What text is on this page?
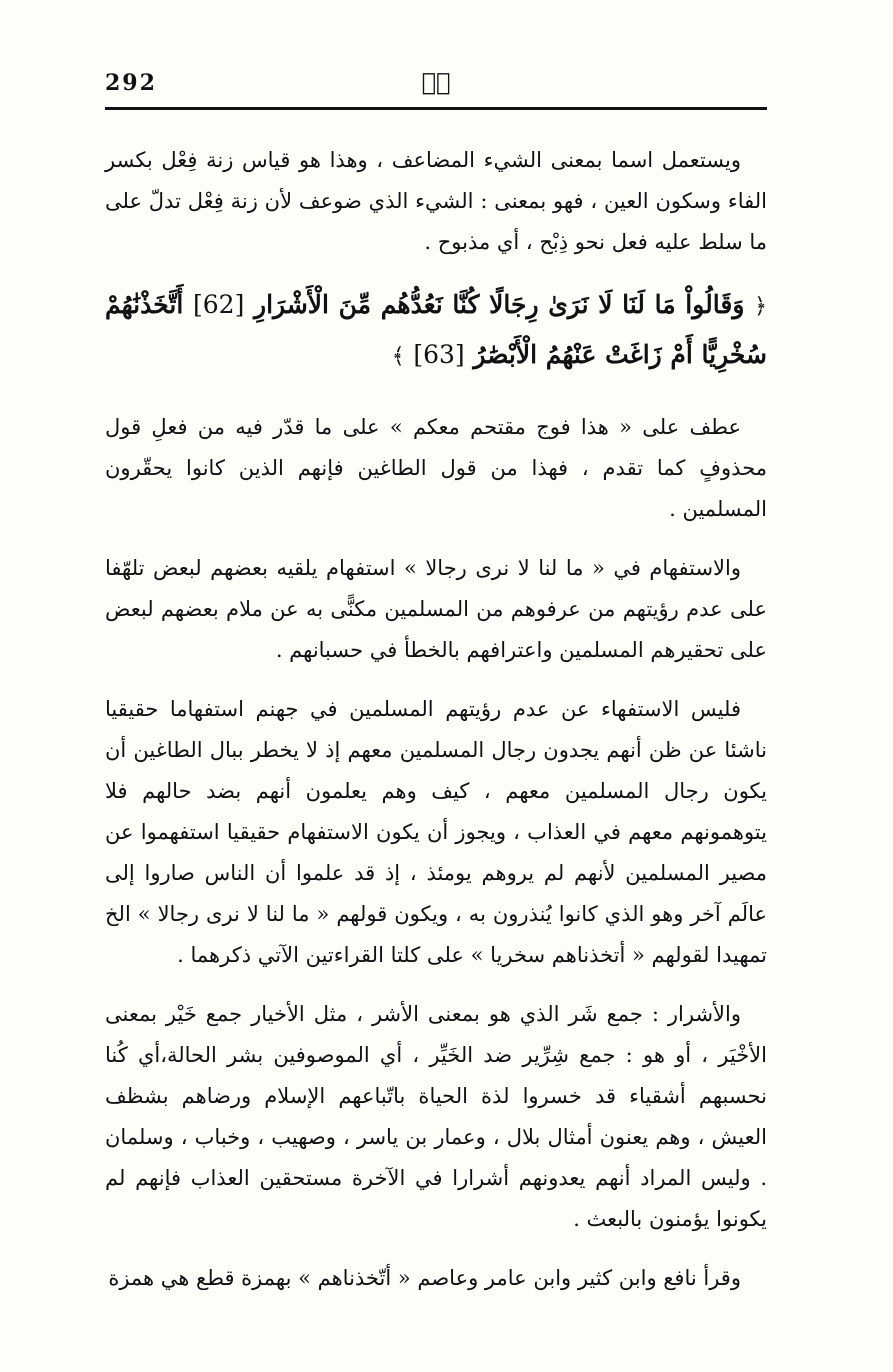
292	صۤ

ويستعمل اسما بمعنى الشيء المضاعف ، وهذا هو قياس زنة فِعْل بكسر الفاء وسكون العين ، فهو بمعنى : الشيء الذي ضوعف لأن زنة فِعْل تدلّ على ما سلط عليه فعل نحو ذِبْح ، أي مذبوح .

﴿ وَقَالُواْ مَا لَنَا لَا نَرَىٰ رِجَالًا كُنَّا نَعُدُّهُم مِّنَ الْأَشْرَارِ [62] أَتَّخَذْنَٰهُمْ سُخْرِيًّا أَمْ زَاغَتْ عَنْهُمُ الْأَبْصَٰرُ [63] ﴾

عطف على « هذا فوج مقتحم معكم » على ما قدّر فيه من فعلِ قول محذوفٍ كما تقدم ، فهذا من قول الطاغين فإنهم الذين كانوا يحقّرون المسلمين .

والاستفهام في « ما لنا لا نرى رجالا » استفهام يلقيه بعضهم لبعض تلهّفا على عدم رؤيتهم من عرفوهم من المسلمين مكنًّى به عن ملام بعضهم لبعض على تحقيرهم المسلمين واعترافهم بالخطأ في حسبانهم .

فليس الاستفهاء عن عدم رؤيتهم المسلمين في جهنم استفهاما حقيقيا ناشئا عن ظن أنهم يجدون رجال المسلمين معهم إذ لا يخطر ببال الطاغين أن يكون رجال المسلمين معهم ، كيف وهم يعلمون أنهم بضد حالهم فلا يتوهمونهم معهم في العذاب ، ويجوز أن يكون الاستفهام حقيقيا استفهموا عن مصير المسلمين لأنهم لم يروهم يومئذ ، إذ قد علموا أن الناس صاروا إلى عالَم آخر وهو الذي كانوا يُنذرون به ، ويكون قولهم « ما لنا لا نرى رجالا » الخ تمهيدا لقولهم « أتخذناهم سخريا » على كلتا القراءتين الآتي ذكرهما .

والأشرار : جمع شَر الذي هو بمعنى الأشر ، مثل الأخيار جمع خَيْر بمعنى الأخْيَر ، أو هو : جمع شِرِّير ضد الخَيِّر ، أي الموصوفين بشر الحالة،أي كُنا نحسبهم أشقياء قد خسروا لذة الحياة باتّباعهم الإسلام ورضاهم بشظف العيش ، وهم يعنون أمثال بلال ، وعمار بن ياسر ، وصهيب ، وخباب ، وسلمان . وليس المراد أنهم يعدونهم أشرارا في الآخرة مستحقين العذاب فإنهم لم يكونوا يؤمنون بالبعث .

وقرأ نافع وابن كثير وابن عامر وعاصم « أتّخذناهم » بهمزة قطع هي همزة
